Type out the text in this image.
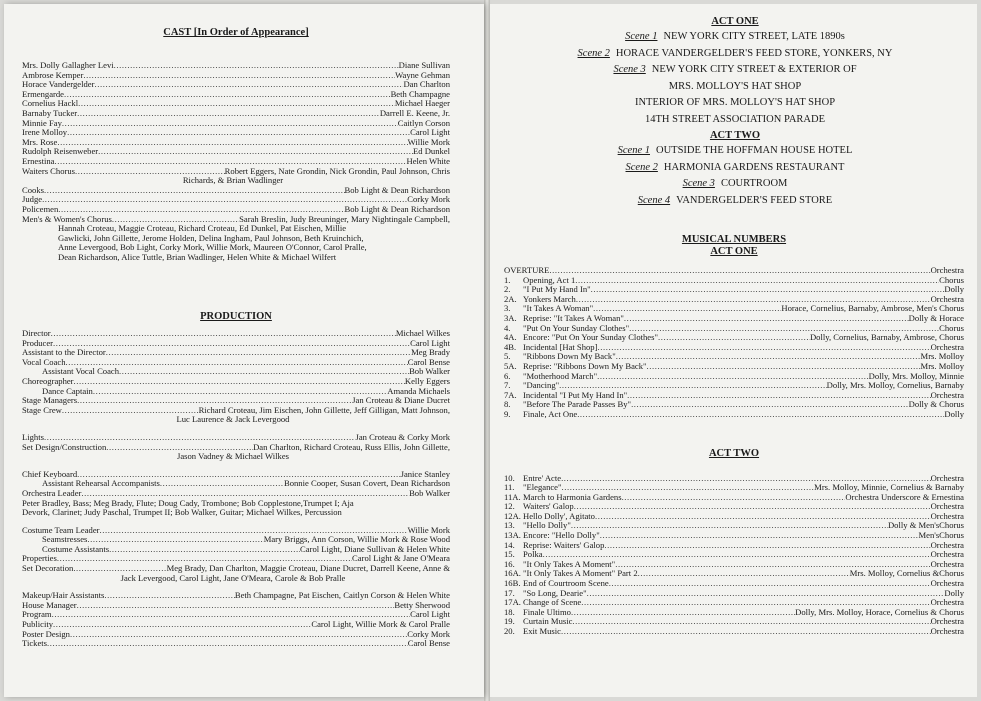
CAST [In Order of Appearance]
Mrs. Dolly Gallagher Levi .....	Diane Sullivan
Ambrose Kemper .....	Wayne Gehman
Horace Vandergelder .....	Dan Charlton
Ermengarde .....	Beth Champagne
Cornelius Hackl .....	Michael Haeger
Barnaby Tucker .....	Darrell E. Keene, Jr.
Minnie Fay .....	Caitlyn Corson
Irene Molloy .....	Carol Light
Mrs. Rose .....	Willie Mork
Rudolph Reisenweber .....	Ed Dunkel
Ernestina .....	Helen White
Waiters Chorus .....	Robert Eggers, Nate Grondin, Nick Grondin, Paul Johnson, Chris
Richards, & Brian Wadlinger
Cooks .....	Bob Light & Dean Richardson
Judge .....	Corky Mork
Policemen .....	Bob Light & Dean Richardson
Men's & Women's Chorus .....	Sarah Breslin, Judy Breuninger, Mary Nightingale Campbell,
Hannah Croteau, Maggie Croteau, Richard Croteau, Ed Dunkel, Pat Eischen, Millie
Gawlicki, John Gillette, Jerome Holden, Delina Ingham, Paul Johnson, Beth Kruinchich,
Anne Levergood, Bob Light, Corky Mork, Willie Mork, Maureen O'Connor, Carol Pralle,
Dean Richardson, Alice Tuttle, Brian Wadlinger, Helen White & Michael Wilfert
PRODUCTION
Director .....	Michael Wilkes
Producer .....	Carol Light
Assistant to the Director .....	Meg Brady
Vocal Coach .....	Carol Bense
Assistant Vocal Coach .....	Bob Walker
Choreographer .....	Kelly Eggers
Dance Captain .....	Amanda Michaels
Stage Managers .....	Jan Croteau & Diane Ducret
Stage Crew .....	Richard Croteau, Jim Eischen, John Gillette, Jeff Gilligan, Matt Johnson,
Luc Laurence & Jack Levergood
Lights .....	Jan Croteau & Corky Mork
Set Design/Construction .....	Dan Charlton, Richard Croteau, Russ Ellis, John Gillette,
Jason Vadney & Michael Wilkes
Chief Keyboard .....	Janice Stanley
Assistant Rehearsal Accompanists .....	Bonnie Cooper, Susan Covert, Dean Richardson
Orchestra Leader .....	Bob Walker
Peter Bradley, Bass; Meg Brady, Flute; Doug Cady, Trombone; Bob Copplestone,Trumpet I; Aja
Devork, Clarinet; Judy Paschal, Trumpet II; Bob Walker, Guitar; Michael Wilkes, Percussion
Costume Team Leader .....	Willie Mork
Seamstresses .....	Mary Briggs, Ann Corson, Willie Mork & Rose Wood
Costume Assistants .....	Carol Light, Diane Sullivan & Helen White
Properties .....	Carol Light & Jane O'Meara
Set Decoration .....	Meg Brady, Dan Charlton, Maggie Croteau, Diane Ducret, Darrell Keene, Anne &
Jack Levergood, Carol Light, Jane O'Meara, Carole & Bob Pralle
Makeup/Hair Assistants .....	Beth Champagne, Pat Eischen, Caitlyn Corson & Helen White
House Manager .....	Betty Sherwood
Program .....	Carol Light
Publicity .....	Carol Light, Willie Mork & Carol Pralle
Poster Design .....	Corky Mork
Tickets .....	Carol Bense
ACT ONE
Scene 1 NEW YORK CITY STREET, LATE 1890s
Scene 2 HORACE VANDERGELDER'S FEED STORE, YONKERS, NY
Scene 3 NEW YORK CITY STREET & EXTERIOR OF
MRS. MOLLOY'S HAT SHOP
INTERIOR OF MRS. MOLLOY'S HAT SHOP
14TH STREET ASSOCIATION PARADE
ACT TWO
Scene 1 OUTSIDE THE HOFFMAN HOUSE HOTEL
Scene 2 HARMONIA GARDENS RESTAURANT
Scene 3 COURTROOM
Scene 4 VANDERGELDER'S FEED STORE
MUSICAL NUMBERS
ACT ONE
OVERTURE .....	Orchestra
1.	Opening, Act 1 .....	Chorus
2.	"I Put My Hand In" .....	Dolly
2A. Yonkers March .....	Orchestra
3.	"It Takes A Woman" .....	Horace, Cornelius, Barnaby, Ambrose, Men's Chorus
3A. Reprise: "It Takes A Woman" .....	Dolly & Horace
4.	"Put On Your Sunday Clothes" .....	Chorus
4A. Encore: "Put On Your Sunday Clothes" .....	Dolly, Cornelius, Barnaby, Ambrose, Chorus
4B. Incidental [Hat Shop] .....	Orchestra
5.	"Ribbons Down My Back" .....	Mrs. Molloy
5A. Reprise: "Ribbons Down My Back" .....	Mrs. Molloy
6.	"Motherhood March" .....	Dolly, Mrs. Molloy, Minnie
7.	"Dancing" .....	Dolly, Mrs. Molloy, Cornelius, Barnaby
7A. Incidental "I Put My Hand In" .....	Orchestra
8.	"Before The Parade Passes By" .....	Dolly & Chorus
9.	Finale, Act One .....	Dolly
ACT TWO
10. Entre' Acte .....	Orchestra
11. "Elegance" .....	Mrs. Molloy, Minnie, Cornelius & Barnaby
11A. March to Harmonia Gardens .....	Orchestra Underscore & Ernestina
12. Waiters' Galop .....	Orchestra
12A. Hello Dolly', Agitato .....	Orchestra
13. "Hello Dolly" .....	Dolly & Men'sChorus
13A. Encore: "Hello Dolly" .....	Men'sChorus
14. Reprise: Waiters' Galop .....	Orchestra
15. Polka .....	Orchestra
16. "It Only Takes A Moment" .....	Orchestra
16A. "It Only Takes A Moment" Part 2 .....	Mrs. Molloy, Cornelius &Chorus
16B. End of Courtroom Scene .....	Orchestra
17. "So Long, Dearie" .....	Dolly
17A. Change of Scene .....	Orchestra
18. Finale Ultimo .....	Dolly, Mrs. Molloy, Horace, Cornelius & Chorus
19. Curtain Music .....	Orchestra
20. Exit Music .....	Orchestra
